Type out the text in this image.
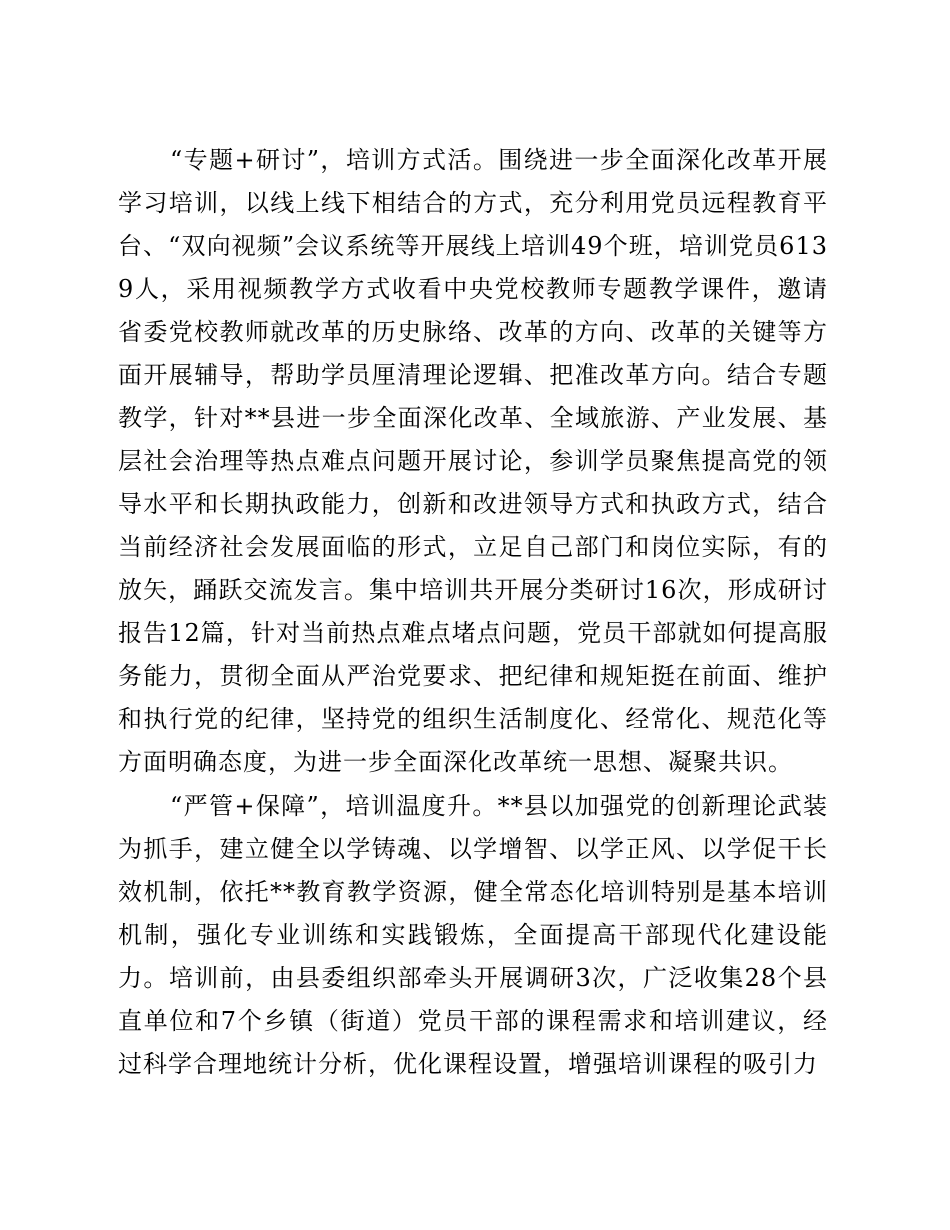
“专题+研讨”，培训方式活。围绕进一步全面深化改革开展学习培训，以线上线下相结合的方式，充分利用党员远程教育平台、“双向视频”会议系统等开展线上培训49个班，培训党员6139人，采用视频教学方式收看中央党校教师专题教学课件，邀请省委党校教师就改革的历史脉络、改革的方向、改革的关键等方面开展辅导，帮助学员厘清理论逻辑、把准改革方向。结合专题教学，针对**县进一步全面深化改革、全域旅游、产业发展、基层社会治理等热点难点问题开展讨论，参训学员聚焦提高党的领导水平和长期执政能力，创新和改进领导方式和执政方式，结合当前经济社会发展面临的形式，立足自己部门和岗位实际，有的放矢，踊跃交流发言。集中培训共开展分类研讨16次，形成研讨报告12篇，针对当前热点难点堵点问题，党员干部就如何提高服务能力，贯彻全面从严治党要求、把纪律和规矩挺在前面、维护和执行党的纪律，坚持党的组织生活制度化、经常化、规范化等方面明确态度，为进一步全面深化改革统一思想、凝聚共识。

“严管+保障”，培训温度升。**县以加强党的创新理论武装为抓手，建立健全以学铸魂、以学增智、以学正风、以学促干长效机制，依托**教育教学资源，健全常态化培训特别是基本培训机制，强化专业训练和实践锻炼，全面提高干部现代化建设能力。培训前，由县委组织部牵头开展调研3次，广泛收集28个县直单位和7个乡镇（街道）党员干部的课程需求和培训建议，经过科学合理地统计分析，优化课程设置，增强培训课程的吸引力
